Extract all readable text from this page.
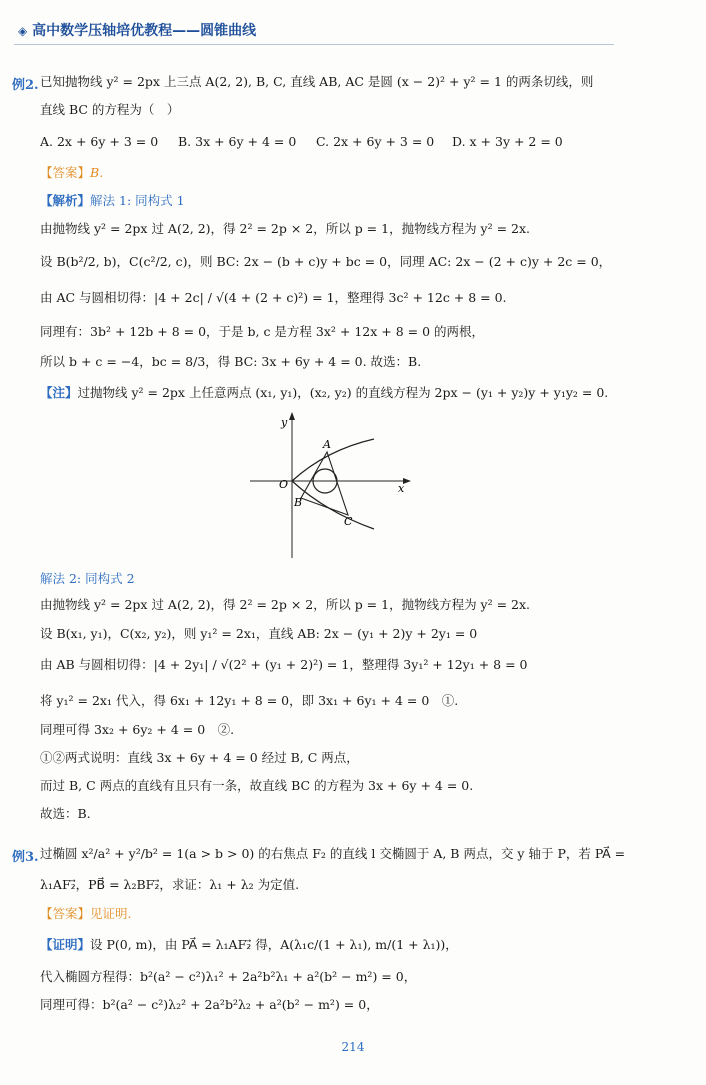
◈ 高中数学压轴培优教程——圆锥曲线
例2. 已知抛物线 y² = 2px 上三点 A(2, 2), B, C, 直线 AB, AC 是圆 (x − 2)² + y² = 1 的两条切线，则
直线 BC 的方程为（　）
A. 2x + 6y + 3 = 0 B. 3x + 6y + 4 = 0 C. 2x + 6y + 3 = 0 D. x + 3y + 2 = 0
【答案】B.
【解析】解法 1: 同构式 1
由抛物线 y² = 2px 过 A(2, 2)，得 2² = 2p × 2，所以 p = 1，抛物线方程为 y² = 2x.
设 B(b²/2, b)，C(c²/2, c)，则 BC: 2x − (b + c)y + bc = 0，同理 AC: 2x − (2 + c)y + 2c = 0，
由 AC 与圆相切得：|4 + 2c| / √(4 + (2 + c)²) = 1，整理得 3c² + 12c + 8 = 0.
同理有：3b² + 12b + 8 = 0，于是 b, c 是方程 3x² + 12x + 8 = 0 的两根，
所以 b + c = −4，bc = 8/3，得 BC: 3x + 6y + 4 = 0. 故选：B.
【注】过抛物线 y² = 2px 上任意两点 (x₁, y₁)，(x₂, y₂) 的直线方程为 2px − (y₁ + y₂)y + y₁y₂ = 0.
y
x
O
A
B
C
解法 2: 同构式 2
由抛物线 y² = 2px 过 A(2, 2)，得 2² = 2p × 2，所以 p = 1，抛物线方程为 y² = 2x.
设 B(x₁, y₁)，C(x₂, y₂)，则 y₁² = 2x₁，直线 AB: 2x − (y₁ + 2)y + 2y₁ = 0
由 AB 与圆相切得：|4 + 2y₁| / √(2² + (y₁ + 2)²) = 1，整理得 3y₁² + 12y₁ + 8 = 0
将 y₁² = 2x₁ 代入，得 6x₁ + 12y₁ + 8 = 0，即 3x₁ + 6y₁ + 4 = 0　①.
同理可得 3x₂ + 6y₂ + 4 = 0　②.
①②两式说明：直线 3x + 6y + 4 = 0 经过 B, C 两点，
而过 B, C 两点的直线有且只有一条，故直线 BC 的方程为 3x + 6y + 4 = 0.
故选：B.
例3. 过椭圆 x²/a² + y²/b² = 1(a > b > 0) 的右焦点 F₂ 的直线 l 交椭圆于 A, B 两点，交 y 轴于 P，若 PA⃗ =
λ₁AF₂⃗，PB⃗ = λ₂BF₂⃗，求证：λ₁ + λ₂ 为定值.
【答案】见证明.
【证明】设 P(0, m)，由 PA⃗ = λ₁AF₂⃗ 得，A(λ₁c/(1 + λ₁), m/(1 + λ₁))，
代入椭圆方程得：b²(a² − c²)λ₁² + 2a²b²λ₁ + a²(b² − m²) = 0，
同理可得：b²(a² − c²)λ₂² + 2a²b²λ₂ + a²(b² − m²) = 0，
214
